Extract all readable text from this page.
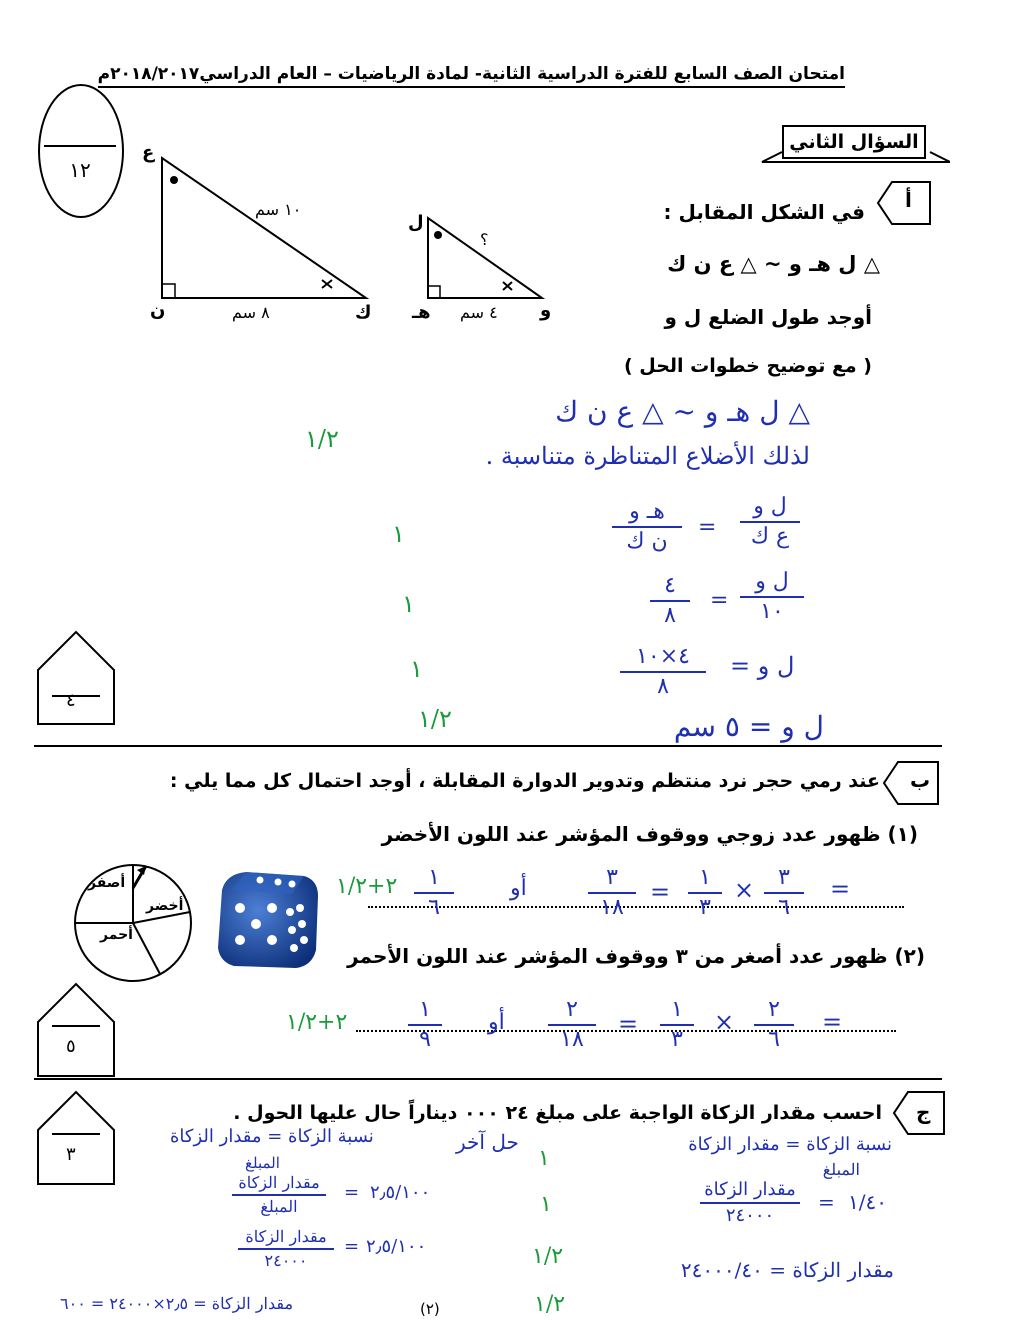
امتحان الصف السابع للفترة الدراسية الثانية- لمادة الرياضيات – العام الدراسي٢٠١٨/٢٠١٧م
١٢
السؤال الثاني
أ
في الشكل المقابل :
△ ل هـ و ~ △ ع ن ك
أوجد طول الضلع ل و
( مع توضيح خطوات الحل )
ع
ن	ك
١٠ سم
٨ سم
ل
هـ	و
؟
٤ سم
△ ل هـ و ~ △ ع ن ك
لذلك الأضلاع المتناظرة متناسبة .
ل و
ع ك
=
هـ و
ن ك
ل و
١٠
=
٤
٨
ل و =
٤×١٠
٨
ل و = ٥ سم
١/٢
١
١
١
١/٢
٤
ب
عند رمي حجر نرد منتظم وتدوير الدوارة المقابلة ، أوجد احتمال كل مما يلي :
(١) ظهور عدد زوجي ووقوف المؤشر عند اللون الأخضر
أصفر
أخضر
أحمر
=
٣
٦
×
١
٣
=
٣
١٨
أو
١
٦
٢+١/٢
(٢) ظهور عدد أصغر من ٣ ووقوف المؤشر عند اللون الأحمر
=
٢
٦
×
١
٣
=
٢
١٨
أو
١
٩
٢+١/٢
٥
ج
احسب مقدار الزكاة الواجبة على مبلغ ٢٤ ٠٠٠ ديناراً حال عليها الحول .
نسبة الزكاة = مقدار الزكاة
المبلغ
١/٤٠
=
مقدار الزكاة
٢٤٠٠٠
مقدار الزكاة = ٢٤٠٠٠/٤٠
حل آخر
نسبة الزكاة = مقدار الزكاة
المبلغ
٢٫٥/١٠٠
=
مقدار الزكاة
المبلغ
٢٫٥/١٠٠
=
مقدار الزكاة
٢٤٠٠٠
مقدار الزكاة = ٢٫٥×٢٤٠٠٠ = ٦٠٠
١
١
١/٢
١/٢
٣
(٢)
